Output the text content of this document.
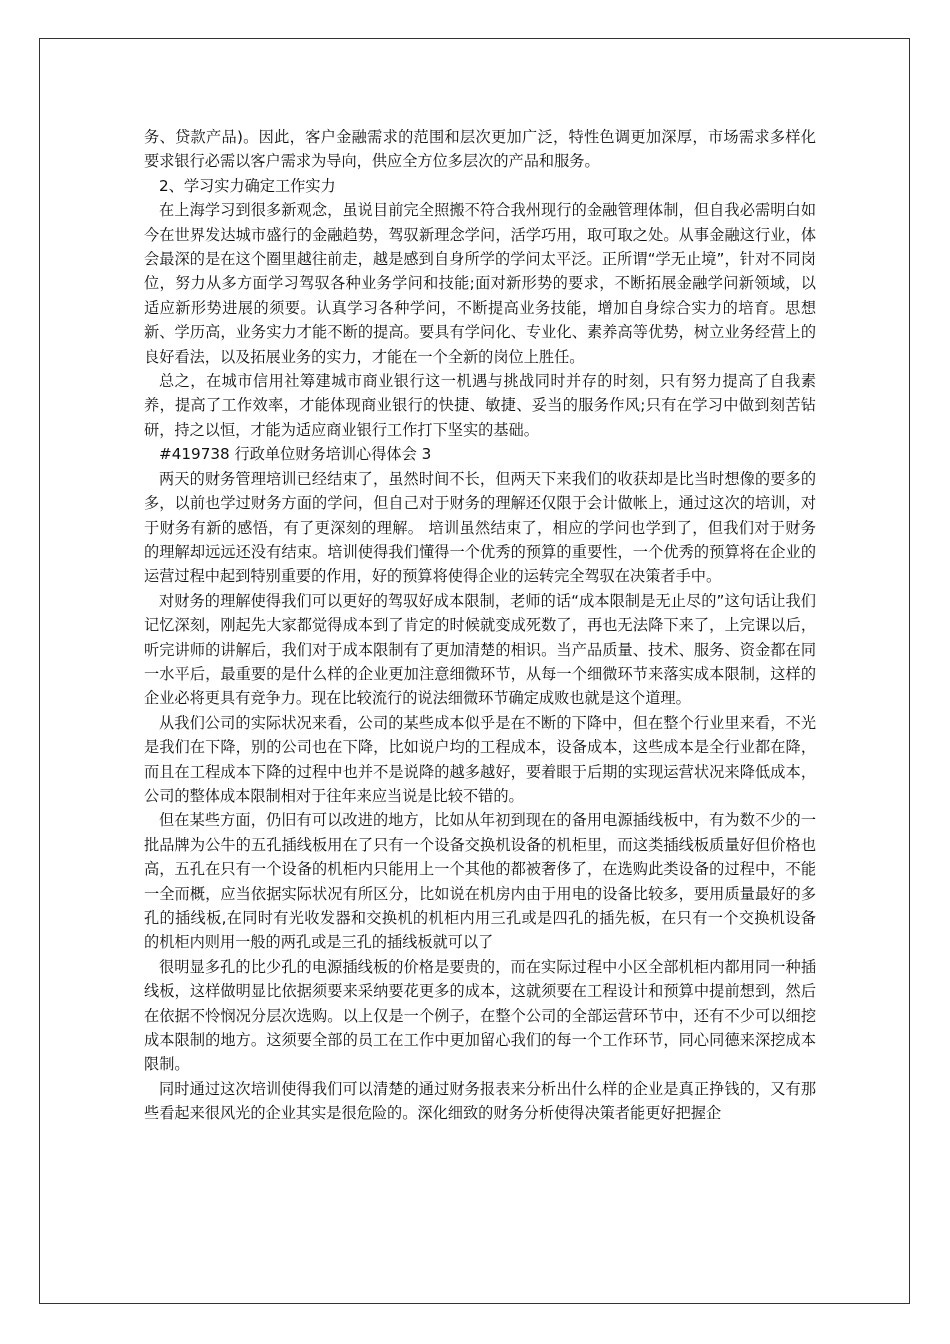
务、贷款产品)。因此，客户金融需求的范围和层次更加广泛，特性色调更加深厚，市场需求多样化要求银行必需以客户需求为导向，供应全方位多层次的产品和服务。

2、学习实力确定工作实力

在上海学习到很多新观念，虽说目前完全照搬不符合我州现行的金融管理体制，但自我必需明白如今在世界发达城市盛行的金融趋势，驾驭新理念学问，活学巧用，取可取之处。从事金融这行业，体会最深的是在这个圈里越往前走，越是感到自身所学的学问太平泛。正所谓“学无止境”，针对不同岗位，努力从多方面学习驾驭各种业务学问和技能;面对新形势的要求，不断拓展金融学问新领域，以适应新形势进展的须要。认真学习各种学问，不断提高业务技能，增加自身综合实力的培育。思想新、学历高，业务实力才能不断的提高。要具有学问化、专业化、素养高等优势，树立业务经营上的良好看法，以及拓展业务的实力，才能在一个全新的岗位上胜任。

总之，在城市信用社筹建城市商业银行这一机遇与挑战同时并存的时刻，只有努力提高了自我素养，提高了工作效率，才能体现商业银行的快捷、敏捷、妥当的服务作风;只有在学习中做到刻苦钻研，持之以恒，才能为适应商业银行工作打下坚实的基础。

#419738 行政单位财务培训心得体会 3

两天的财务管理培训已经结束了，虽然时间不长，但两天下来我们的收获却是比当时想像的要多的多，以前也学过财务方面的学问，但自己对于财务的理解还仅限于会计做帐上，通过这次的培训，对于财务有新的感悟，有了更深刻的理解。 培训虽然结束了，相应的学问也学到了，但我们对于财务的理解却远远还没有结束。培训使得我们懂得一个优秀的预算的重要性，一个优秀的预算将在企业的运营过程中起到特别重要的作用，好的预算将使得企业的运转完全驾驭在决策者手中。

对财务的理解使得我们可以更好的驾驭好成本限制，老师的话“成本限制是无止尽的”这句话让我们记忆深刻，刚起先大家都觉得成本到了肯定的时候就变成死数了，再也无法降下来了，上完课以后，听完讲师的讲解后，我们对于成本限制有了更加清楚的相识。当产品质量、技术、服务、资金都在同一水平后，最重要的是什么样的企业更加注意细微环节，从每一个细微环节来落实成本限制，这样的企业必将更具有竞争力。现在比较流行的说法细微环节确定成败也就是这个道理。

从我们公司的实际状况来看，公司的某些成本似乎是在不断的下降中，但在整个行业里来看，不光是我们在下降，别的公司也在下降，比如说户均的工程成本，设备成本，这些成本是全行业都在降，而且在工程成本下降的过程中也并不是说降的越多越好，要着眼于后期的实现运营状况来降低成本，公司的整体成本限制相对于往年来应当说是比较不错的。

但在某些方面，仍旧有可以改进的地方，比如从年初到现在的备用电源插线板中，有为数不少的一批品牌为公牛的五孔插线板用在了只有一个设备交换机设备的机柜里，而这类插线板质量好但价格也高，五孔在只有一个设备的机柜内只能用上一个其他的都被奢侈了，在选购此类设备的过程中，不能一全而概，应当依据实际状况有所区分，比如说在机房内由于用电的设备比较多，要用质量最好的多孔的插线板,在同时有光收发器和交换机的机柜内用三孔或是四孔的插先板，在只有一个交换机设备的机柜内则用一般的两孔或是三孔的插线板就可以了

很明显多孔的比少孔的电源插线板的价格是要贵的，而在实际过程中小区全部机柜内都用同一种插线板，这样做明显比依据须要来采纳要花更多的成本，这就须要在工程设计和预算中提前想到，然后在依据不怜悯况分层次选购。以上仅是一个例子，在整个公司的全部运营环节中，还有不少可以细挖成本限制的地方。这须要全部的员工在工作中更加留心我们的每一个工作环节，同心同德来深挖成本限制。

同时通过这次培训使得我们可以清楚的通过财务报表来分析出什么样的企业是真正挣钱的，又有那些看起来很风光的企业其实是很危险的。深化细致的财务分析使得决策者能更好把握企
